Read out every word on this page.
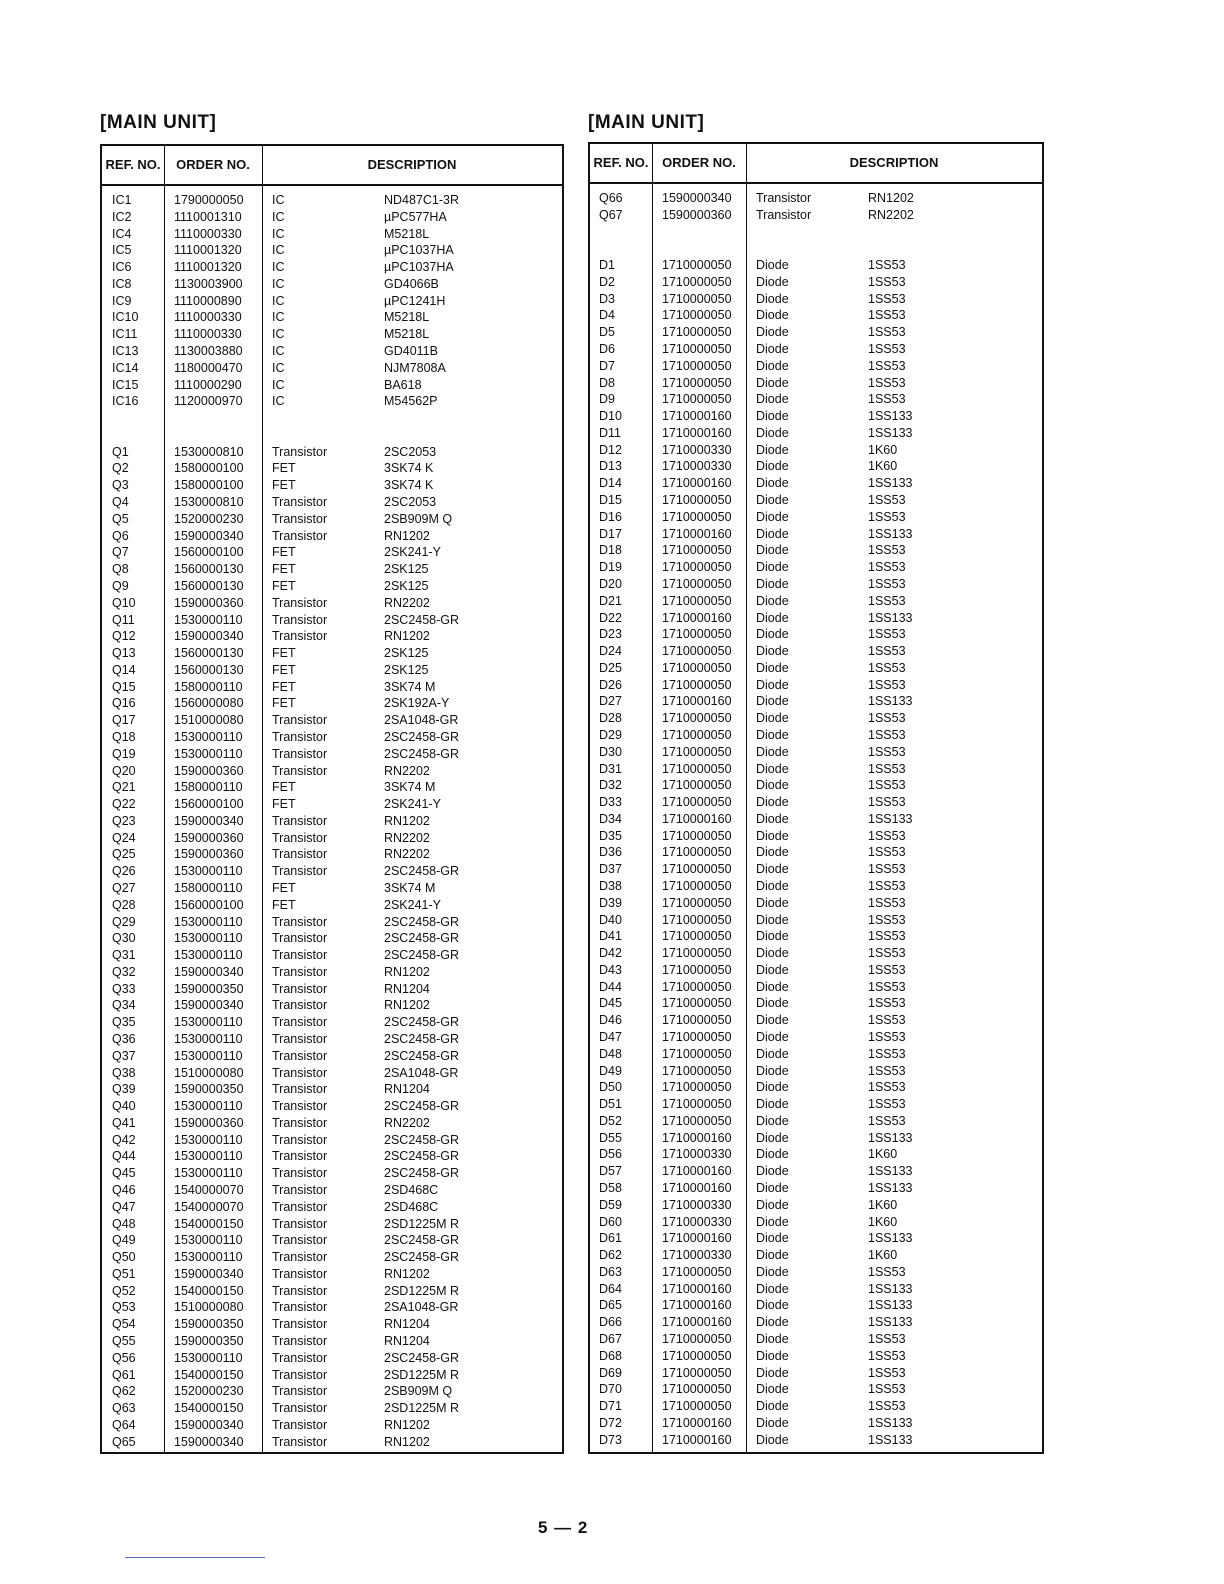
[MAIN UNIT]
REF. NO.	ORDER NO.	DESCRIPTION
IC1	1790000050 IC	ND487C1-3R
IC2	1110001310 IC	µPC577HA
IC4	1110000330 IC	M5218L
IC5	1110001320 IC	µPC1037HA
IC6	1110001320 IC	µPC1037HA
IC8	1130003900 IC	GD4066B
IC9	1110000890 IC	µPC1241H
IC10	1110000330 IC	M5218L
IC11	1110000330 IC	M5218L
IC13	1130003880 IC	GD4011B
IC14	1180000470 IC	NJM7808A
IC15	1110000290 IC	BA618
IC16	1120000970 IC	M54562P
Q1	1530000810 Transistor	2SC2053
Q2	1580000100 FET	3SK74 K
Q3	1580000100 FET	3SK74 K
Q4	1530000810 Transistor	2SC2053
Q5	1520000230 Transistor	2SB909M Q
Q6	1590000340 Transistor	RN1202
Q7	1560000100 FET	2SK241-Y
Q8	1560000130 FET	2SK125
Q9	1560000130 FET	2SK125
Q10	1590000360 Transistor	RN2202
Q11	1530000110 Transistor	2SC2458-GR
Q12	1590000340 Transistor	RN1202
Q13	1560000130 FET	2SK125
Q14	1560000130 FET	2SK125
Q15	1580000110 FET	3SK74 M
Q16	1560000080 FET	2SK192A-Y
Q17	1510000080 Transistor	2SA1048-GR
Q18	1530000110 Transistor	2SC2458-GR
Q19	1530000110 Transistor	2SC2458-GR
Q20	1590000360 Transistor	RN2202
Q21	1580000110 FET	3SK74 M
Q22	1560000100 FET	2SK241-Y
Q23	1590000340 Transistor	RN1202
Q24	1590000360 Transistor	RN2202
Q25	1590000360 Transistor	RN2202
Q26	1530000110 Transistor	2SC2458-GR
Q27	1580000110 FET	3SK74 M
Q28	1560000100 FET	2SK241-Y
Q29	1530000110 Transistor	2SC2458-GR
Q30	1530000110 Transistor	2SC2458-GR
Q31	1530000110 Transistor	2SC2458-GR
Q32	1590000340 Transistor	RN1202
Q33	1590000350 Transistor	RN1204
Q34	1590000340 Transistor	RN1202
Q35	1530000110 Transistor	2SC2458-GR
Q36	1530000110 Transistor	2SC2458-GR
Q37	1530000110 Transistor	2SC2458-GR
Q38	1510000080 Transistor	2SA1048-GR
Q39	1590000350 Transistor	RN1204
Q40	1530000110 Transistor	2SC2458-GR
Q41	1590000360 Transistor	RN2202
Q42	1530000110 Transistor	2SC2458-GR
Q44	1530000110 Transistor	2SC2458-GR
Q45	1530000110 Transistor	2SC2458-GR
Q46	1540000070 Transistor	2SD468C
Q47	1540000070 Transistor	2SD468C
Q48	1540000150 Transistor	2SD1225M R
Q49	1530000110 Transistor	2SC2458-GR
Q50	1530000110 Transistor	2SC2458-GR
Q51	1590000340 Transistor	RN1202
Q52	1540000150 Transistor	2SD1225M R
Q53	1510000080 Transistor	2SA1048-GR
Q54	1590000350 Transistor	RN1204
Q55	1590000350 Transistor	RN1204
Q56	1530000110 Transistor	2SC2458-GR
Q61	1540000150 Transistor	2SD1225M R
Q62	1520000230 Transistor	2SB909M Q
Q63	1540000150 Transistor	2SD1225M R
Q64	1590000340 Transistor	RN1202
Q65	1590000340 Transistor	RN1202
[MAIN UNIT]
REF. NO.	ORDER NO.	DESCRIPTION
Q66	1590000340 Transistor	RN1202
Q67	1590000360 Transistor	RN2202
D1	1710000050 Diode	1SS53
D2	1710000050 Diode	1SS53
D3	1710000050 Diode	1SS53
D4	1710000050 Diode	1SS53
D5	1710000050 Diode	1SS53
D6	1710000050 Diode	1SS53
D7	1710000050 Diode	1SS53
D8	1710000050 Diode	1SS53
D9	1710000050 Diode	1SS53
D10	1710000160 Diode	1SS133
D11	1710000160 Diode	1SS133
D12	1710000330 Diode	1K60
D13	1710000330 Diode	1K60
D14	1710000160 Diode	1SS133
D15	1710000050 Diode	1SS53
D16	1710000050 Diode	1SS53
D17	1710000160 Diode	1SS133
D18	1710000050 Diode	1SS53
D19	1710000050 Diode	1SS53
D20	1710000050 Diode	1SS53
D21	1710000050 Diode	1SS53
D22	1710000160 Diode	1SS133
D23	1710000050 Diode	1SS53
D24	1710000050 Diode	1SS53
D25	1710000050 Diode	1SS53
D26	1710000050 Diode	1SS53
D27	1710000160 Diode	1SS133
D28	1710000050 Diode	1SS53
D29	1710000050 Diode	1SS53
D30	1710000050 Diode	1SS53
D31	1710000050 Diode	1SS53
D32	1710000050 Diode	1SS53
D33	1710000050 Diode	1SS53
D34	1710000160 Diode	1SS133
D35	1710000050 Diode	1SS53
D36	1710000050 Diode	1SS53
D37	1710000050 Diode	1SS53
D38	1710000050 Diode	1SS53
D39	1710000050 Diode	1SS53
D40	1710000050 Diode	1SS53
D41	1710000050 Diode	1SS53
D42	1710000050 Diode	1SS53
D43	1710000050 Diode	1SS53
D44	1710000050 Diode	1SS53
D45	1710000050 Diode	1SS53
D46	1710000050 Diode	1SS53
D47	1710000050 Diode	1SS53
D48	1710000050 Diode	1SS53
D49	1710000050 Diode	1SS53
D50	1710000050 Diode	1SS53
D51	1710000050 Diode	1SS53
D52	1710000050 Diode	1SS53
D55	1710000160 Diode	1SS133
D56	1710000330 Diode	1K60
D57	1710000160 Diode	1SS133
D58	1710000160 Diode	1SS133
D59	1710000330 Diode	1K60
D60	1710000330 Diode	1K60
D61	1710000160 Diode	1SS133
D62	1710000330 Diode	1K60
D63	1710000050 Diode	1SS53
D64	1710000160 Diode	1SS133
D65	1710000160 Diode	1SS133
D66	1710000160 Diode	1SS133
D67	1710000050 Diode	1SS53
D68	1710000050 Diode	1SS53
D69	1710000050 Diode	1SS53
D70	1710000050 Diode	1SS53
D71	1710000050 Diode	1SS53
D72	1710000160 Diode	1SS133
D73	1710000160 Diode	1SS133
5 — 2
